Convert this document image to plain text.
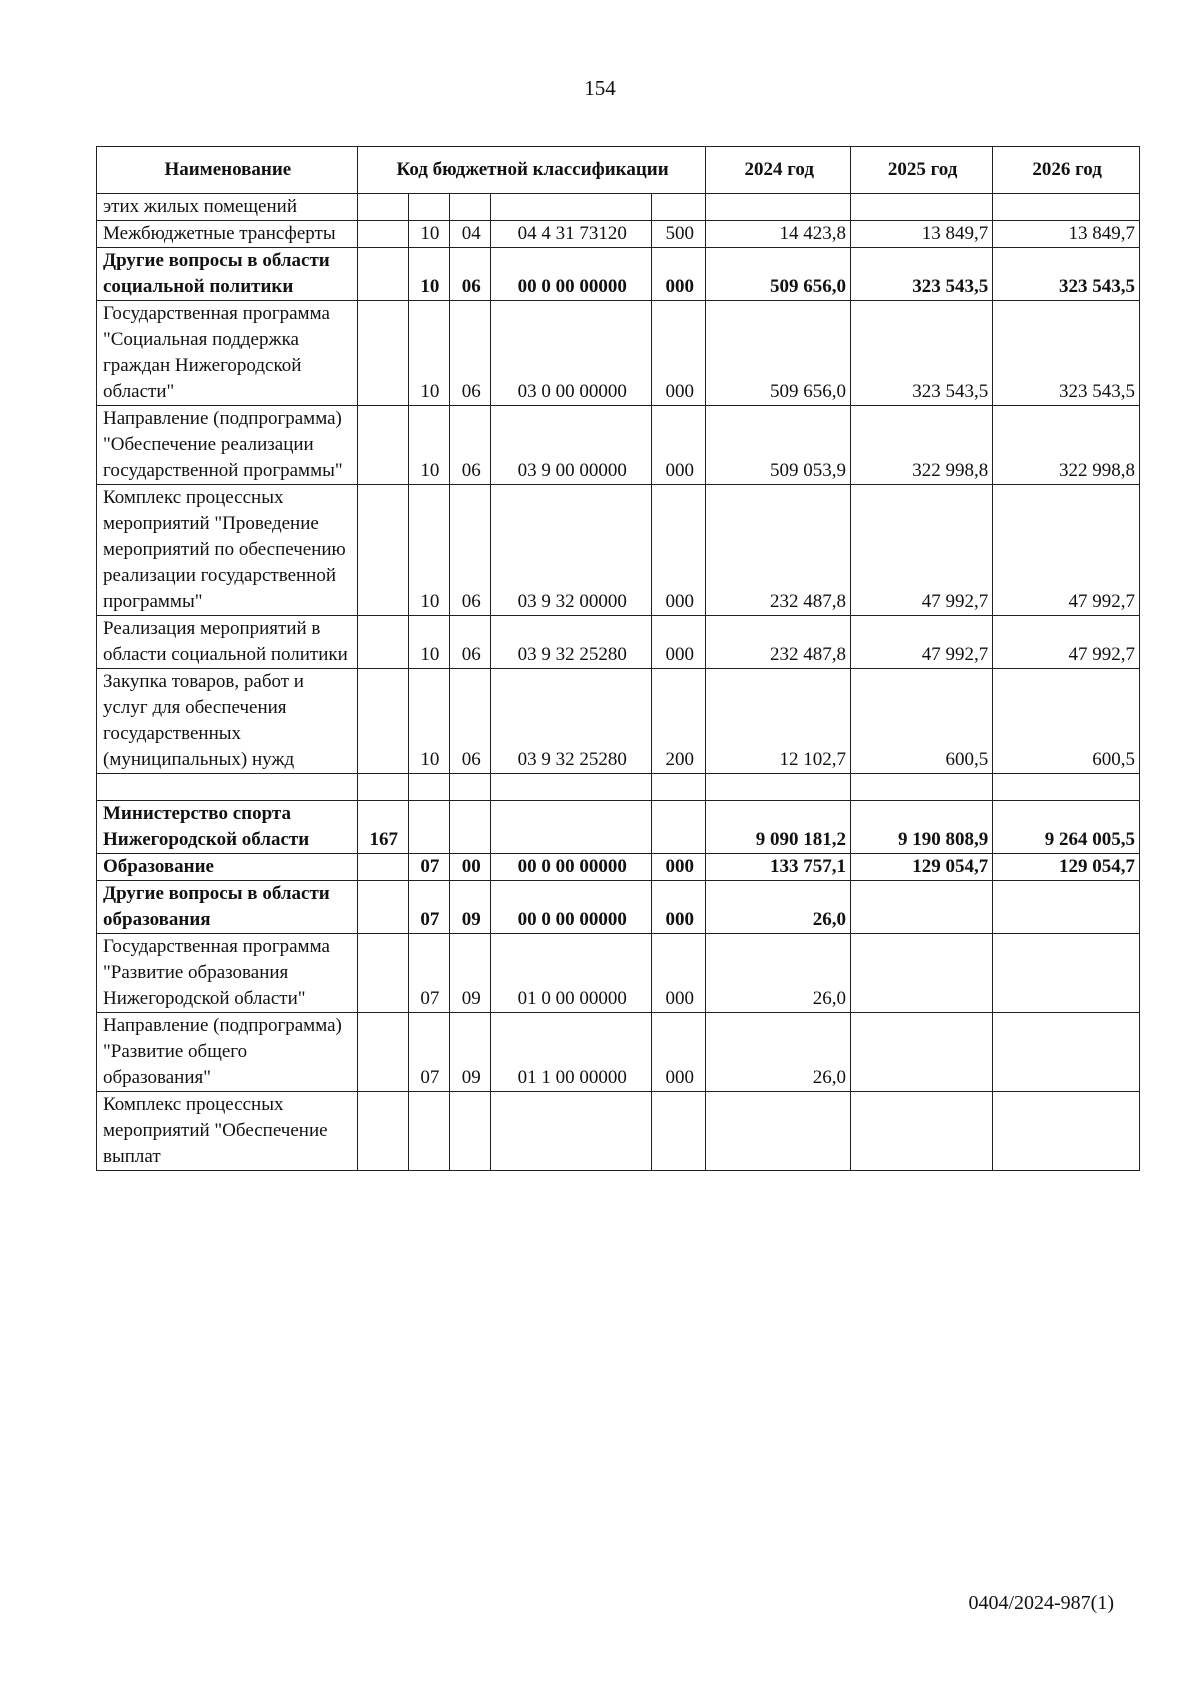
154
Наименование	Код бюджетной классификации					2024 год	2025 год	2026 год
этих жилых помещений								
Межбюджетные трансферты		10	04	04 4 31 73120	500	14 423,8	13 849,7	13 849,7
Другие вопросы в области социальной политики		10	06	00 0 00 00000	000	509 656,0	323 543,5	323 543,5
Государственная программа "Социальная поддержка граждан Нижегородской области"		10	06	03 0 00 00000	000	509 656,0	323 543,5	323 543,5
Направление (подпрограмма) "Обеспечение реализации государственной программы"		10	06	03 9 00 00000	000	509 053,9	322 998,8	322 998,8
Комплекс процессных мероприятий "Проведение мероприятий по обеспечению реализации государственной программы"		10	06	03 9 32 00000	000	232 487,8	47 992,7	47 992,7
Реализация мероприятий в области социальной политики		10	06	03 9 32 25280	000	232 487,8	47 992,7	47 992,7
Закупка товаров, работ и услуг для обеспечения государственных (муниципальных) нужд		10	06	03 9 32 25280	200	12 102,7	600,5	600,5

Министерство спорта Нижегородской области	167					9 090 181,2	9 190 808,9	9 264 005,5
Образование		07	00	00 0 00 00000	000	133 757,1	129 054,7	129 054,7
Другие вопросы в области образования		07	09	00 0 00 00000	000	26,0		
Государственная программа "Развитие образования Нижегородской области"		07	09	01 0 00 00000	000	26,0		
Направление (подпрограмма) "Развитие общего образования"		07	09	01 1 00 00000	000	26,0		
Комплекс процессных мероприятий "Обеспечение выплат								
0404/2024-987(1)
